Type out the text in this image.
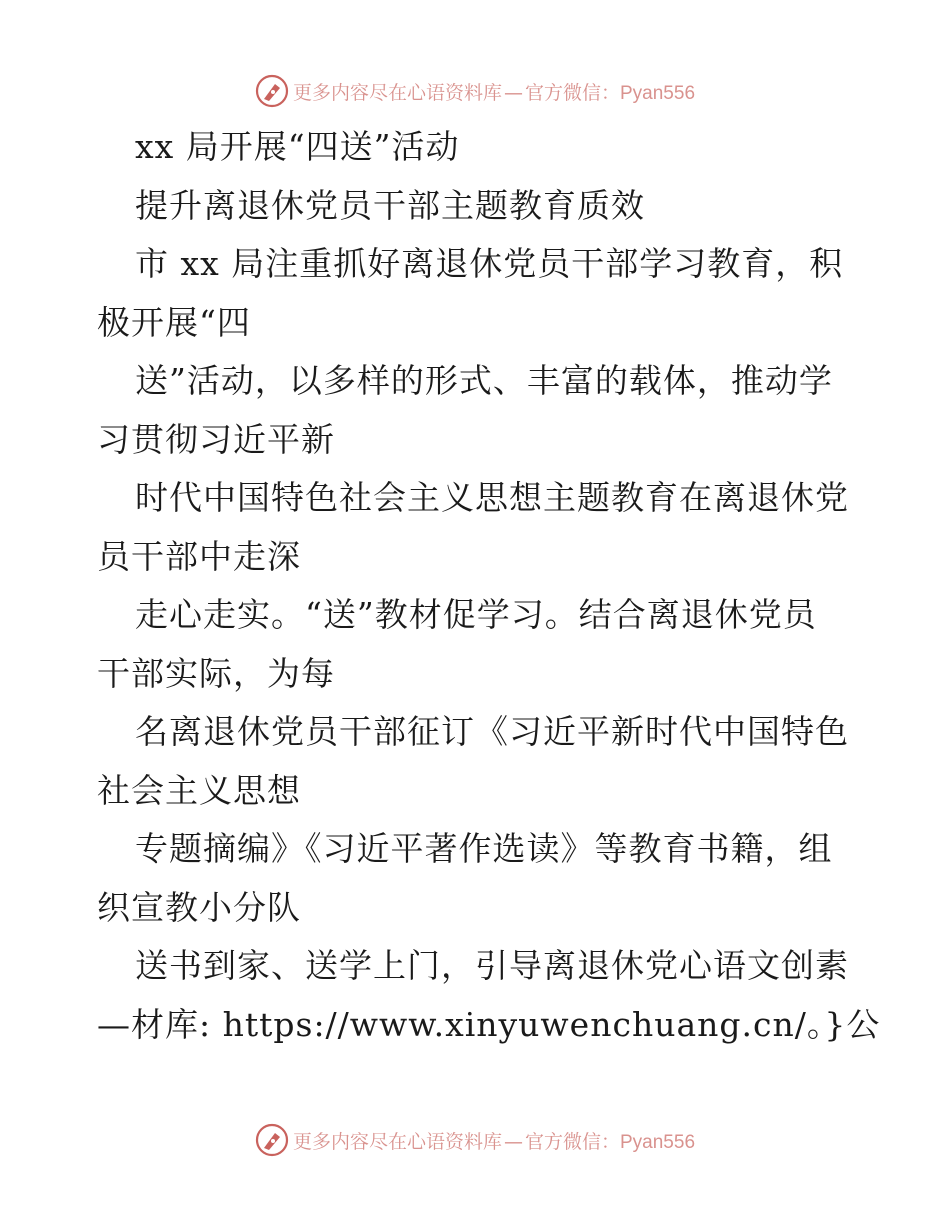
更多内容尽在心语资料库 — 官方微信：Pyan556
xx 局开展“四送”活动
提升离退休党员干部主题教育质效
市 xx 局注重抓好离退休党员干部学习教育，积
极开展“四
送”活动，以多样的形式、丰富的载体，推动学
习贯彻习近平新
时代中国特色社会主义思想主题教育在离退休党
员干部中走深
走心走实。“送”教材促学习。结合离退休党员
干部实际，为每
名离退休党员干部征订《习近平新时代中国特色
社会主义思想
专题摘编》《习近平著作选读》等教育书籍，组
织宣教小分队
送书到家、送学上门，引导离退休党心语文创素
—材库: https://www.xinyuwenchuang.cn/。}公
更多内容尽在心语资料库 — 官方微信：Pyan556
